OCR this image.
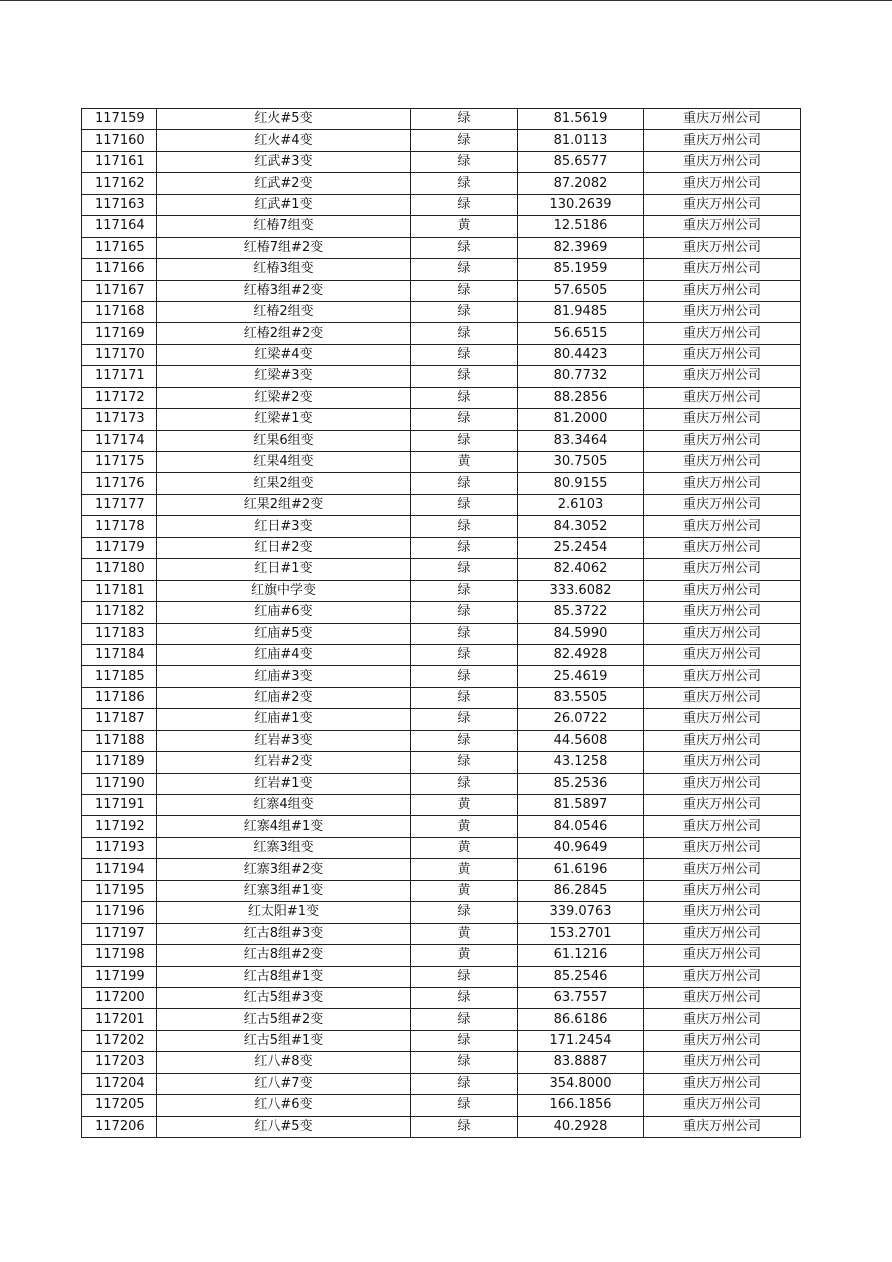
117159	红火#5变	绿	81.5619	重庆万州公司
117160	红火#4变	绿	81.0113	重庆万州公司
117161	红武#3变	绿	85.6577	重庆万州公司
117162	红武#2变	绿	87.2082	重庆万州公司
117163	红武#1变	绿	130.2639	重庆万州公司
117164	红椿7组变	黄	12.5186	重庆万州公司
117165	红椿7组#2变	绿	82.3969	重庆万州公司
117166	红椿3组变	绿	85.1959	重庆万州公司
117167	红椿3组#2变	绿	57.6505	重庆万州公司
117168	红椿2组变	绿	81.9485	重庆万州公司
117169	红椿2组#2变	绿	56.6515	重庆万州公司
117170	红梁#4变	绿	80.4423	重庆万州公司
117171	红梁#3变	绿	80.7732	重庆万州公司
117172	红梁#2变	绿	88.2856	重庆万州公司
117173	红梁#1变	绿	81.2000	重庆万州公司
117174	红果6组变	绿	83.3464	重庆万州公司
117175	红果4组变	黄	30.7505	重庆万州公司
117176	红果2组变	绿	80.9155	重庆万州公司
117177	红果2组#2变	绿	2.6103	重庆万州公司
117178	红日#3变	绿	84.3052	重庆万州公司
117179	红日#2变	绿	25.2454	重庆万州公司
117180	红日#1变	绿	82.4062	重庆万州公司
117181	红旗中学变	绿	333.6082	重庆万州公司
117182	红庙#6变	绿	85.3722	重庆万州公司
117183	红庙#5变	绿	84.5990	重庆万州公司
117184	红庙#4变	绿	82.4928	重庆万州公司
117185	红庙#3变	绿	25.4619	重庆万州公司
117186	红庙#2变	绿	83.5505	重庆万州公司
117187	红庙#1变	绿	26.0722	重庆万州公司
117188	红岩#3变	绿	44.5608	重庆万州公司
117189	红岩#2变	绿	43.1258	重庆万州公司
117190	红岩#1变	绿	85.2536	重庆万州公司
117191	红寨4组变	黄	81.5897	重庆万州公司
117192	红寨4组#1变	黄	84.0546	重庆万州公司
117193	红寨3组变	黄	40.9649	重庆万州公司
117194	红寨3组#2变	黄	61.6196	重庆万州公司
117195	红寨3组#1变	黄	86.2845	重庆万州公司
117196	红太阳#1变	绿	339.0763	重庆万州公司
117197	红古8组#3变	黄	153.2701	重庆万州公司
117198	红古8组#2变	黄	61.1216	重庆万州公司
117199	红古8组#1变	绿	85.2546	重庆万州公司
117200	红古5组#3变	绿	63.7557	重庆万州公司
117201	红古5组#2变	绿	86.6186	重庆万州公司
117202	红古5组#1变	绿	171.2454	重庆万州公司
117203	红八#8变	绿	83.8887	重庆万州公司
117204	红八#7变	绿	354.8000	重庆万州公司
117205	红八#6变	绿	166.1856	重庆万州公司
117206	红八#5变	绿	40.2928	重庆万州公司
